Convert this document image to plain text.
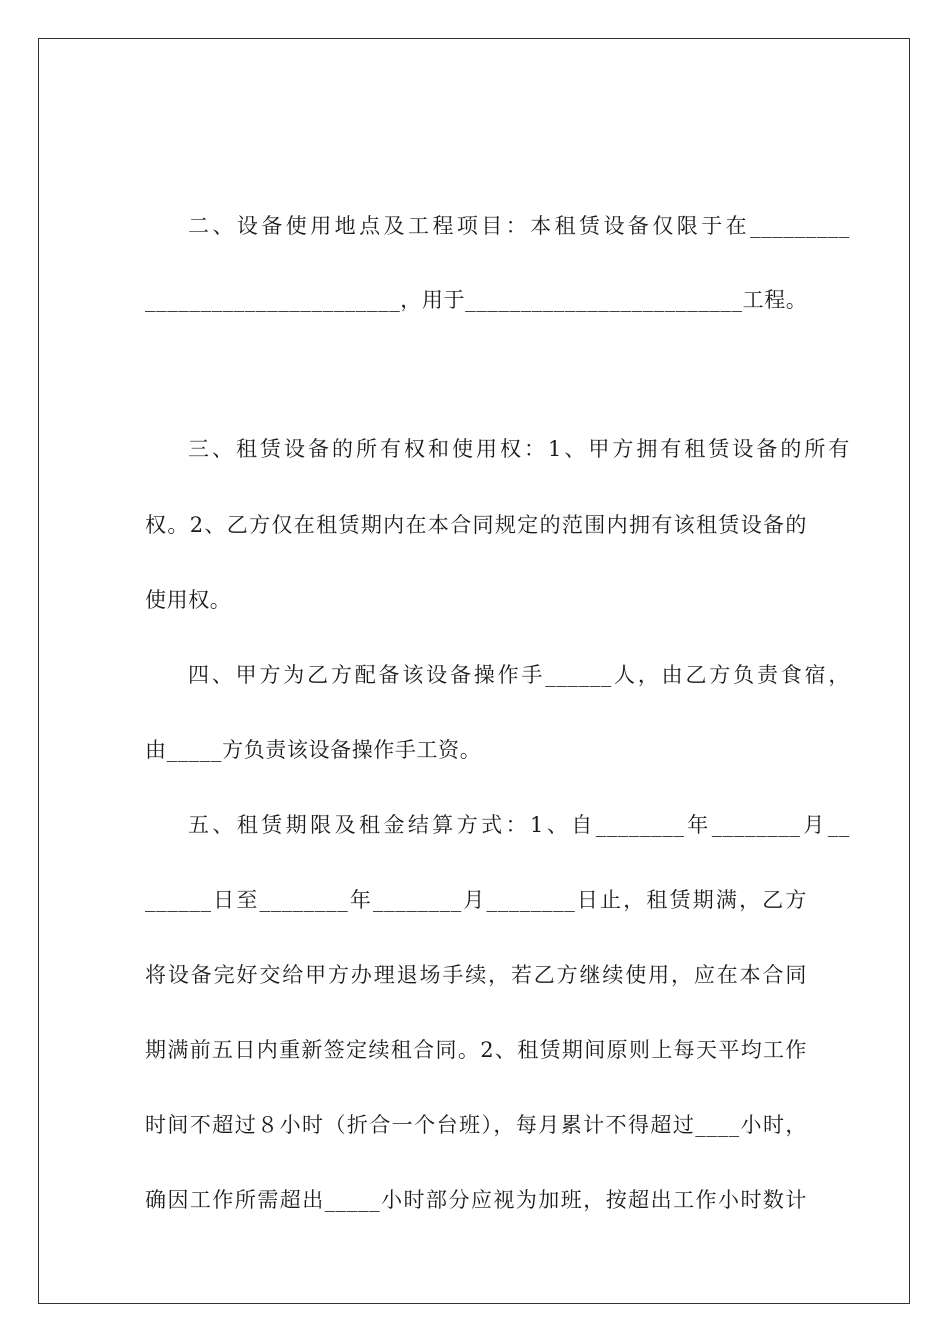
二、设备使用地点及工程项目：本租赁设备仅限于在_________
_______________________，用于_________________________工程。
三、租赁设备的所有权和使用权：1、甲方拥有租赁设备的所有
权。2、乙方仅在租赁期内在本合同规定的范围内拥有该租赁设备的
使用权。
四、甲方为乙方配备该设备操作手______人，由乙方负责食宿，
由_____方负责该设备操作手工资。
五、租赁期限及租金结算方式：1、自________年________月__
______日至________年________月________日止，租赁期满，乙方
将设备完好交给甲方办理退场手续，若乙方继续使用，应在本合同
期满前五日内重新签定续租合同。2、租赁期间原则上每天平均工作
时间不超过８小时（折合一个台班），每月累计不得超过____小时，
确因工作所需超出_____小时部分应视为加班，按超出工作小时数计
